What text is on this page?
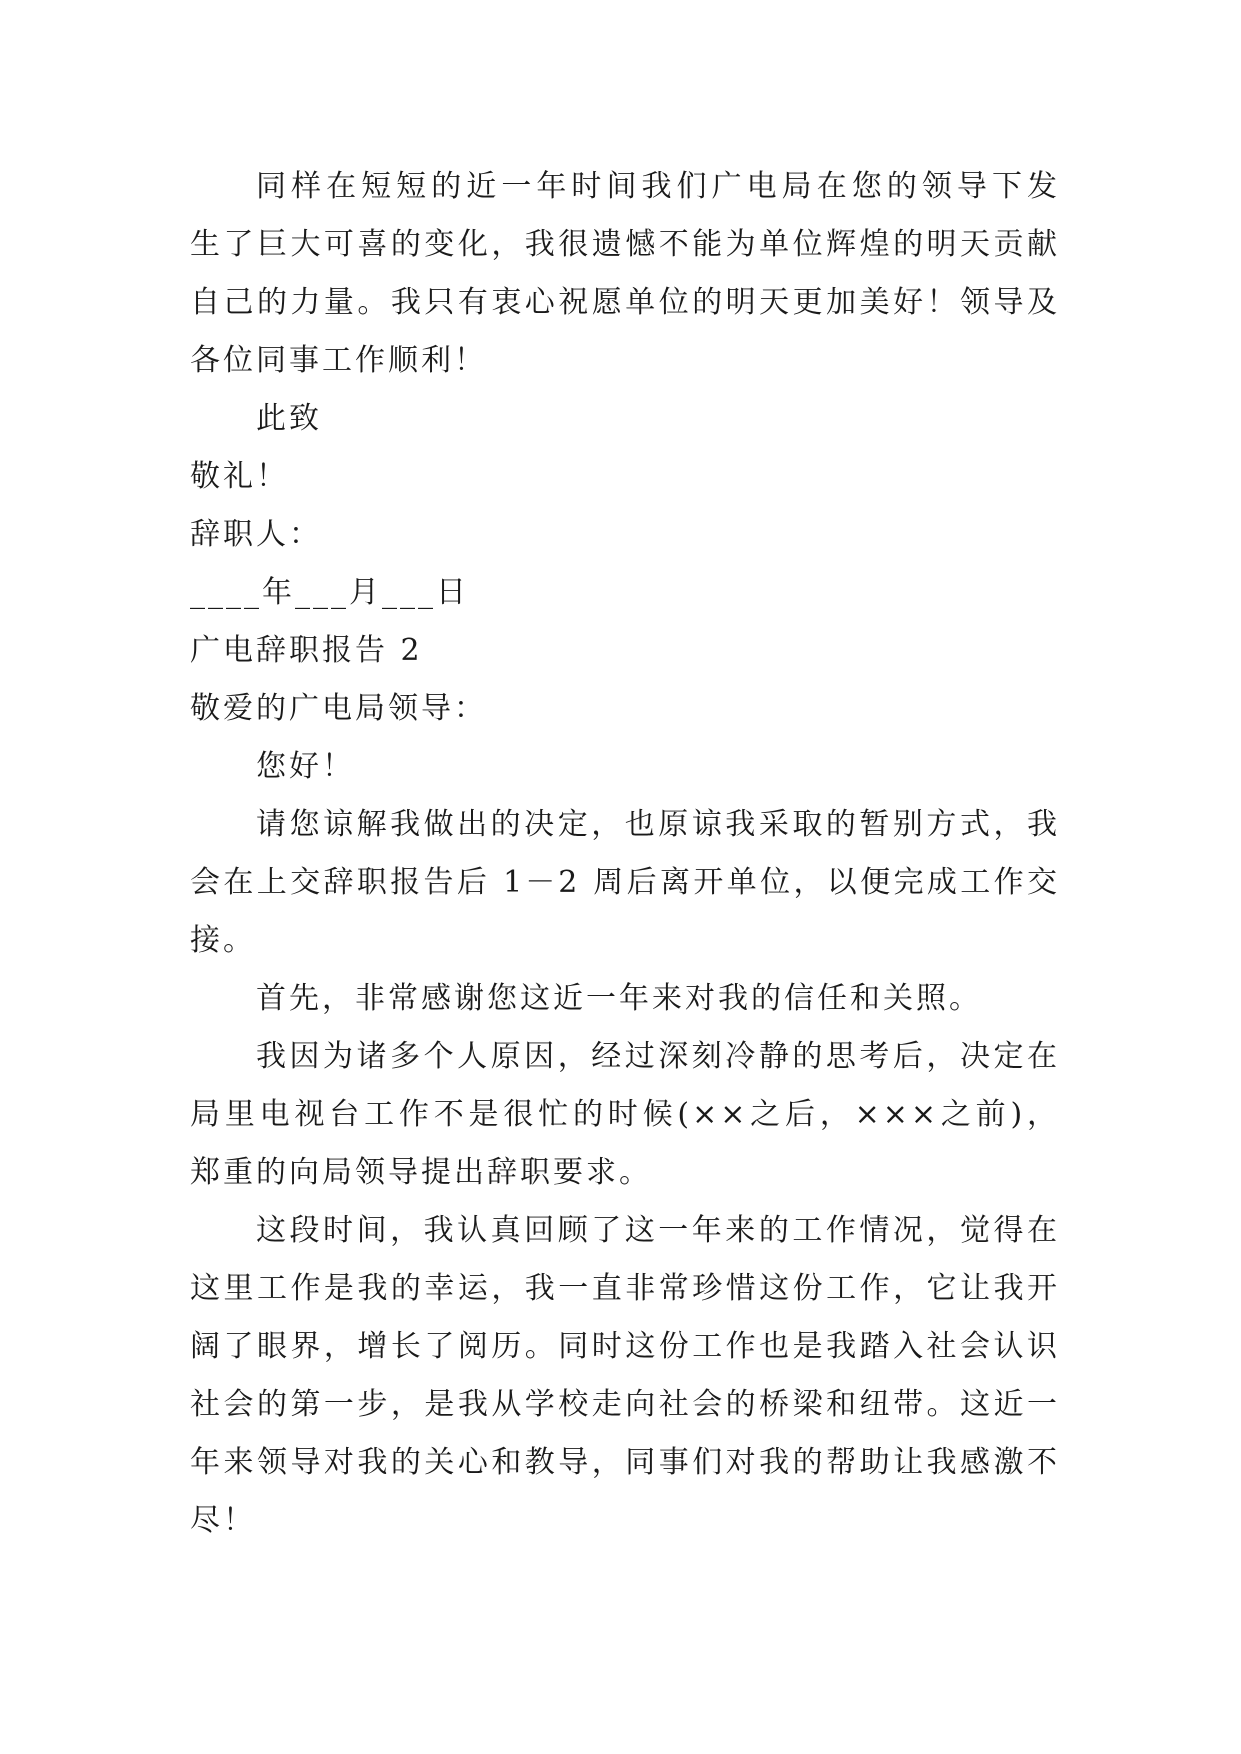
同样在短短的近一年时间我们广电局在您的领导下发
生了巨大可喜的变化，我很遗憾不能为单位辉煌的明天贡献
自己的力量。我只有衷心祝愿单位的明天更加美好！领导及
各位同事工作顺利！
此致
敬礼！
辞职人：
____年___月___日
广电辞职报告 2
敬爱的广电局领导：
您好！
请您谅解我做出的决定，也原谅我采取的暂别方式，我
会在上交辞职报告后 1－2 周后离开单位，以便完成工作交
接。
首先，非常感谢您这近一年来对我的信任和关照。
我因为诸多个人原因，经过深刻冷静的思考后，决定在
局里电视台工作不是很忙的时候(××之后，×××之前)，
郑重的向局领导提出辞职要求。
这段时间，我认真回顾了这一年来的工作情况，觉得在
这里工作是我的幸运，我一直非常珍惜这份工作，它让我开
阔了眼界，增长了阅历。同时这份工作也是我踏入社会认识
社会的第一步，是我从学校走向社会的桥梁和纽带。这近一
年来领导对我的关心和教导，同事们对我的帮助让我感激不
尽！
